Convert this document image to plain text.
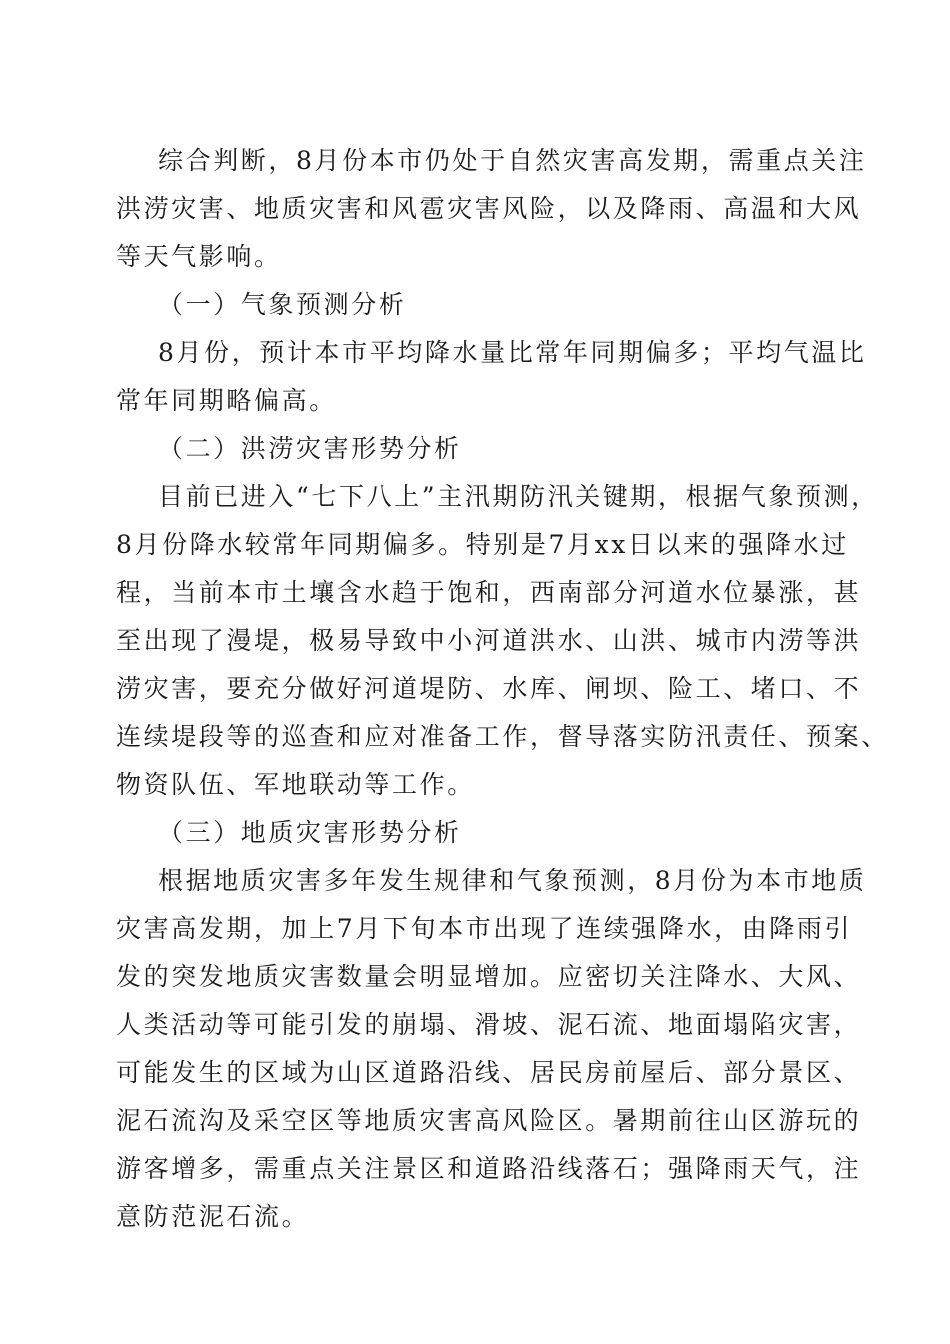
综合判断，8月份本市仍处于自然灾害高发期，需重点关注
洪涝灾害、地质灾害和风雹灾害风险，以及降雨、高温和大风
等天气影响。
（一）气象预测分析
8月份，预计本市平均降水量比常年同期偏多；平均气温比
常年同期略偏高。
（二）洪涝灾害形势分析
目前已进入“七下八上”主汛期防汛关键期，根据气象预测，
8月份降水较常年同期偏多。特别是7月xx日以来的强降水过
程，当前本市土壤含水趋于饱和，西南部分河道水位暴涨，甚
至出现了漫堤，极易导致中小河道洪水、山洪、城市内涝等洪
涝灾害，要充分做好河道堤防、水库、闸坝、险工、堵口、不
连续堤段等的巡查和应对准备工作，督导落实防汛责任、预案、
物资队伍、军地联动等工作。
（三）地质灾害形势分析
根据地质灾害多年发生规律和气象预测，8月份为本市地质
灾害高发期，加上7月下旬本市出现了连续强降水，由降雨引
发的突发地质灾害数量会明显增加。应密切关注降水、大风、
人类活动等可能引发的崩塌、滑坡、泥石流、地面塌陷灾害，
可能发生的区域为山区道路沿线、居民房前屋后、部分景区、
泥石流沟及采空区等地质灾害高风险区。暑期前往山区游玩的
游客增多，需重点关注景区和道路沿线落石；强降雨天气，注
意防范泥石流。
